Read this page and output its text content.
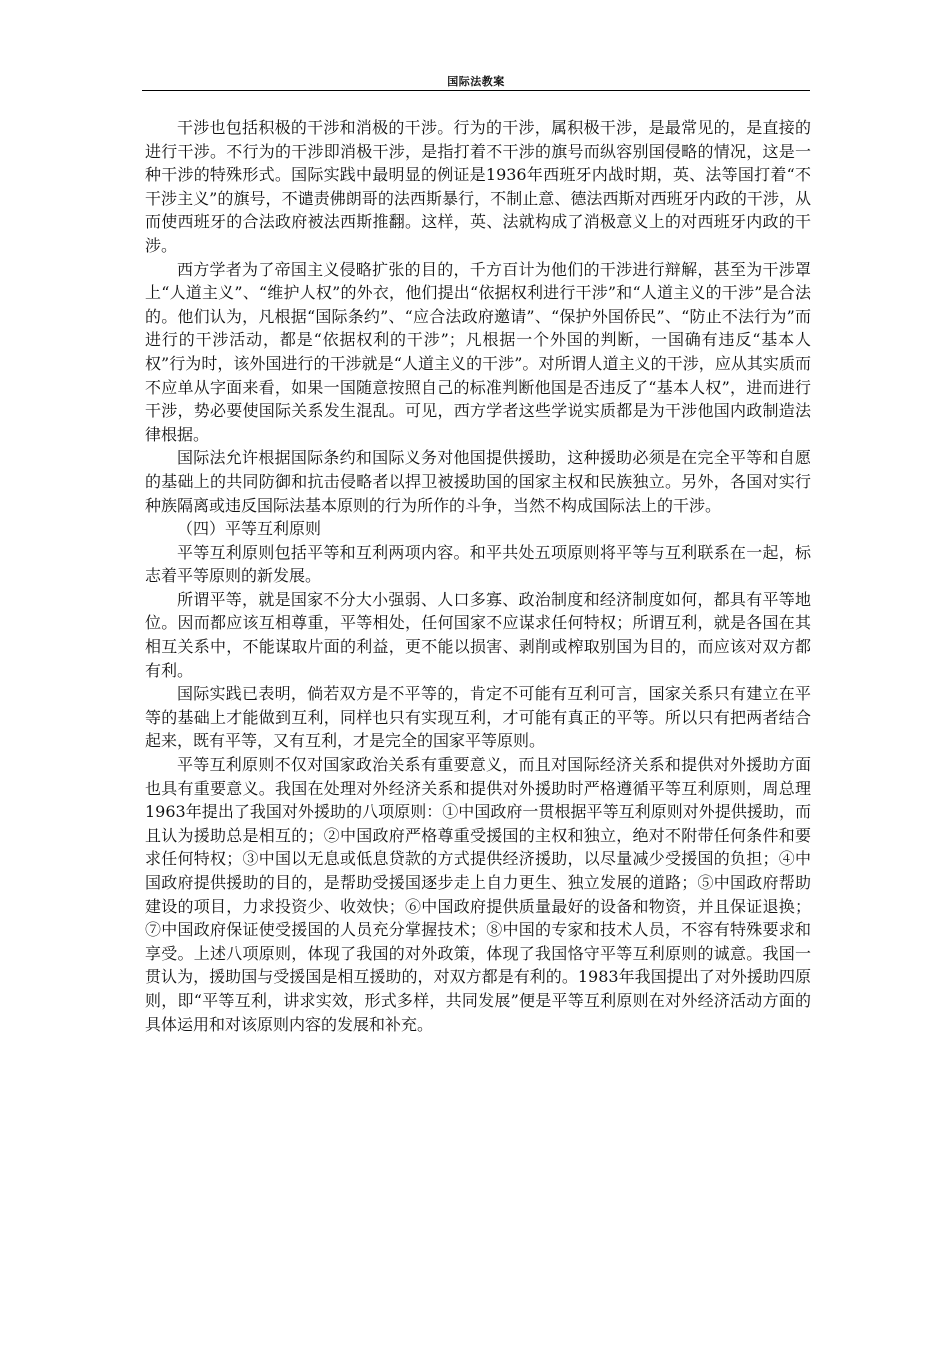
国际法教案

干涉也包括积极的干涉和消极的干涉。行为的干涉，属积极干涉，是最常见的，是直接的进行干涉。不行为的干涉即消极干涉，是指打着不干涉的旗号而纵容别国侵略的情况，这是一种干涉的特殊形式。国际实践中最明显的例证是1936年西班牙内战时期，英、法等国打着“不干涉主义”的旗号，不谴责佛朗哥的法西斯暴行，不制止意、德法西斯对西班牙内政的干涉，从而使西班牙的合法政府被法西斯推翻。这样，英、法就构成了消极意义上的对西班牙内政的干涉。

西方学者为了帝国主义侵略扩张的目的，千方百计为他们的干涉进行辩解，甚至为干涉罩上“人道主义”、“维护人权”的外衣，他们提出“依据权利进行干涉”和“人道主义的干涉”是合法的。他们认为，凡根据“国际条约”、“应合法政府邀请”、“保护外国侨民”、“防止不法行为”而进行的干涉活动，都是“依据权利的干涉”；凡根据一个外国的判断，一国确有违反“基本人权”行为时，该外国进行的干涉就是“人道主义的干涉”。对所谓人道主义的干涉，应从其实质而不应单从字面来看，如果一国随意按照自己的标准判断他国是否违反了“基本人权”，进而进行干涉，势必要使国际关系发生混乱。可见，西方学者这些学说实质都是为干涉他国内政制造法律根据。

国际法允许根据国际条约和国际义务对他国提供援助，这种援助必须是在完全平等和自愿的基础上的共同防御和抗击侵略者以捍卫被援助国的国家主权和民族独立。另外，各国对实行种族隔离或违反国际法基本原则的行为所作的斗争，当然不构成国际法上的干涉。

（四）平等互利原则

平等互利原则包括平等和互利两项内容。和平共处五项原则将平等与互利联系在一起，标志着平等原则的新发展。

所谓平等，就是国家不分大小强弱、人口多寡、政治制度和经济制度如何，都具有平等地位。因而都应该互相尊重，平等相处，任何国家不应谋求任何特权；所谓互利，就是各国在其相互关系中，不能谋取片面的利益，更不能以损害、剥削或榨取别国为目的，而应该对双方都有利。

国际实践已表明，倘若双方是不平等的，肯定不可能有互利可言，国家关系只有建立在平等的基础上才能做到互利，同样也只有实现互利，才可能有真正的平等。所以只有把两者结合起来，既有平等，又有互利，才是完全的国家平等原则。

平等互利原则不仅对国家政治关系有重要意义，而且对国际经济关系和提供对外援助方面也具有重要意义。我国在处理对外经济关系和提供对外援助时严格遵循平等互利原则，周总理1963年提出了我国对外援助的八项原则：①中国政府一贯根据平等互利原则对外提供援助，而且认为援助总是相互的；②中国政府严格尊重受援国的主权和独立，绝对不附带任何条件和要求任何特权；③中国以无息或低息贷款的方式提供经济援助，以尽量减少受援国的负担；④中国政府提供援助的目的，是帮助受援国逐步走上自力更生、独立发展的道路；⑤中国政府帮助建设的项目，力求投资少、收效快；⑥中国政府提供质量最好的设备和物资，并且保证退换；⑦中国政府保证使受援国的人员充分掌握技术；⑧中国的专家和技术人员，不容有特殊要求和享受。上述八项原则，体现了我国的对外政策，体现了我国恪守平等互利原则的诚意。我国一贯认为，援助国与受援国是相互援助的，对双方都是有利的。1983年我国提出了对外援助四原则，即“平等互利，讲求实效，形式多样，共同发展”便是平等互利原则在对外经济活动方面的具体运用和对该原则内容的发展和补充。
